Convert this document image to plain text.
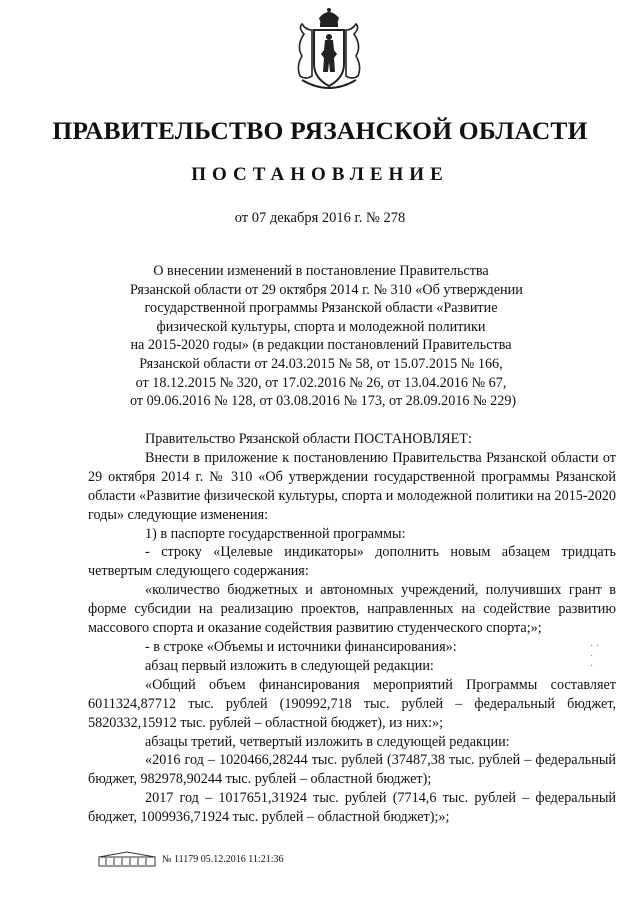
ПРАВИТЕЛЬСТВО РЯЗАНСКОЙ ОБЛАСТИ
ПОСТАНОВЛЕНИЕ
от 07 декабря 2016 г. № 278
О внесении изменений в постановление Правительства
Рязанской области от 29 октября 2014 г. № 310 «Об утверждении
государственной программы Рязанской области «Развитие
физической культуры, спорта и молодежной политики
на 2015-2020 годы» (в редакции постановлений Правительства
Рязанской области от 24.03.2015 № 58, от 15.07.2015 № 166,
от 18.12.2015 № 320, от 17.02.2016 № 26, от 13.04.2016 № 67,
от 09.06.2016 № 128, от 03.08.2016 № 173, от 28.09.2016 № 229)

Правительство Рязанской области ПОСТАНОВЛЯЕТ:

Внести в приложение к постановлению Правительства Рязанской области от 29 октября 2014 г. № 310 «Об утверждении государственной программы Рязанской области «Развитие физической культуры, спорта и молодежной политики на 2015-2020 годы» следующие изменения:

1) в паспорте государственной программы:

- строку «Целевые индикаторы» дополнить новым абзацем тридцать четвертым следующего содержания:

«количество бюджетных и автономных учреждений, получивших грант в форме субсидии на реализацию проектов, направленных на содействие развитию массового спорта и оказание содействия развитию студенческого спорта;»;

- в строке «Объемы и источники финансирования»:

абзац первый изложить в следующей редакции:

«Общий объем финансирования мероприятий Программы составляет 6011324,87712 тыс. рублей (190992,718 тыс. рублей – федеральный бюджет, 5820332,15912 тыс. рублей – областной бюджет), из них:»;

абзацы третий, четвертый изложить в следующей редакции:

«2016 год – 1020466,28244 тыс. рублей (37487,38 тыс. рублей – федеральный бюджет, 982978,90244 тыс. рублей – областной бюджет);

2017 год – 1017651,31924 тыс. рублей (7714,6 тыс. рублей – федеральный бюджет, 1009936,71924 тыс. рублей – областной бюджет);»;

· ·
·
·
№ 11179 05.12.2016 11:21:36
